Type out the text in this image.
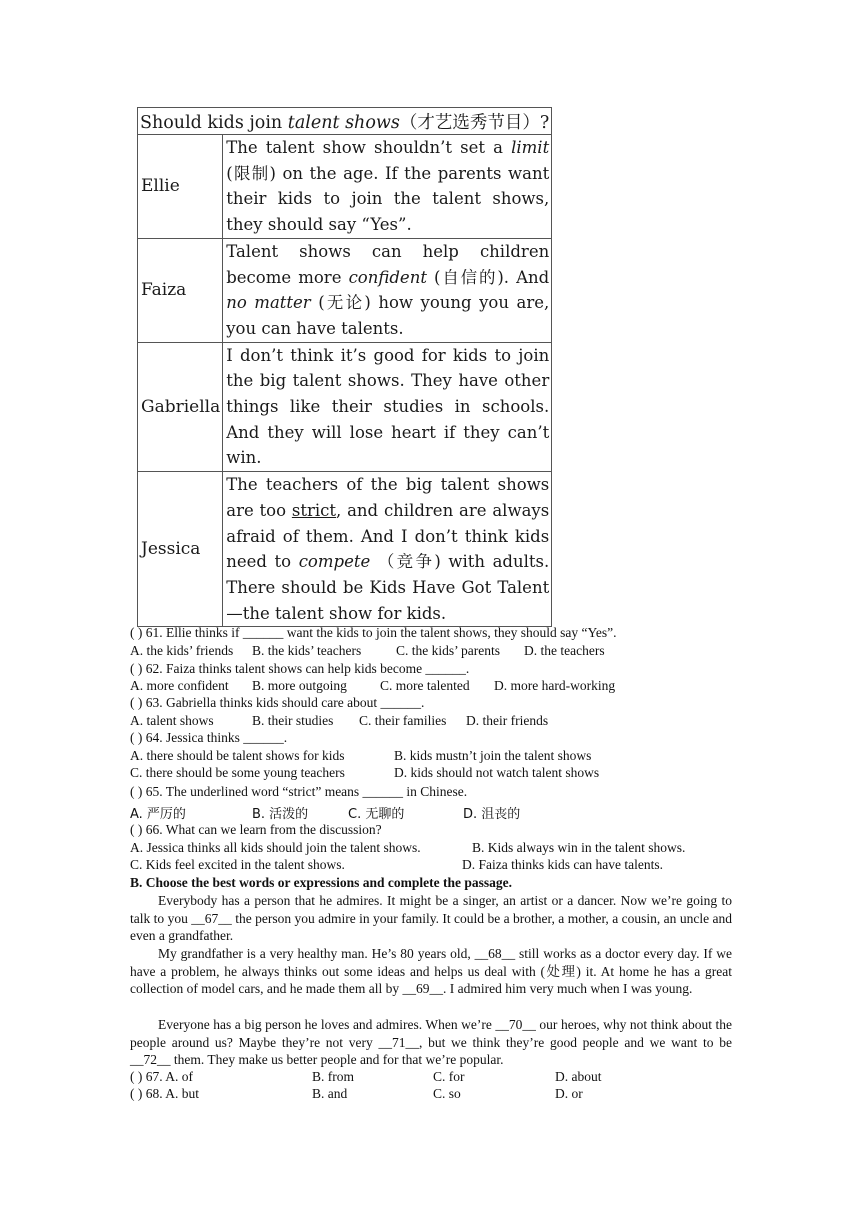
Should kids join talent shows（才艺选秀节目）?	
Ellie	The talent show shouldn’t set a limit (限制) on the age. If the parents want their kids to join the talent shows, they should say “Yes”.
Faiza	Talent shows can help children become more confident (自信的). And no matter (无论) how young you are, you can have talents.
Gabriella	I don’t think it’s good for kids to join the big talent shows. They have other things like their studies in schools. And they will lose heart if they can’t win.
Jessica	The teachers of the big talent shows are too strict, and children are always afraid of them. And I don’t think kids need to compete （竞争) with adults. There should be Kids Have Got Talent—the talent show for kids.
( ) 61. Ellie thinks if ______ want the kids to join the talent shows, they should say “Yes”.
A. the kids’ friends B. the kids’ teachers	C. the kids’ parents D. the teachers
( ) 62. Faiza thinks talent shows can help kids become ______.
A. more confident B. more outgoing C. more talented D. more hard-working
( ) 63. Gabriella thinks kids should care about ______.
A. talent shows	B. their studies C. their families D. their friends
( ) 64. Jessica thinks ______.
A. there should be talent shows for kids	B. kids mustn’t join the talent shows
C. there should be some young teachers	D. kids should not watch talent shows
( ) 65. The underlined word “strict” means ______ in Chinese.
A. 严厉的	B. 活泼的	C. 无聊的	D. 沮丧的
( ) 66. What can we learn from the discussion?
A. Jessica thinks all kids should join the talent shows.	B. Kids always win in the talent shows.
C. Kids feel excited in the talent shows.	D. Faiza thinks kids can have talents.
B. Choose the best words or expressions and complete the passage.
Everybody has a person that he admires. It might be a singer, an artist or a dancer. Now we’re going to talk to you __67__ the person you admire in your family. It could be a brother, a mother, a cousin, an uncle and even a grandfather.
My grandfather is a very healthy man. He’s 80 years old, __68__ still works as a doctor every day. If we have a problem, he always thinks out some ideas and helps us deal with (处理) it. At home he has a great collection of model cars, and he made them all by __69__. I admired him very much when I was young.
Everyone has a big person he loves and admires. When we’re __70__ our heroes, why not think about the people around us? Maybe they’re not very __71__, but we think they’re good people and we want to be __72__ them. They make us better people and for that we’re popular.
( ) 67. A. of	B. from	C. for	D. about
( ) 68. A. but	B. and	C. so	D. or
